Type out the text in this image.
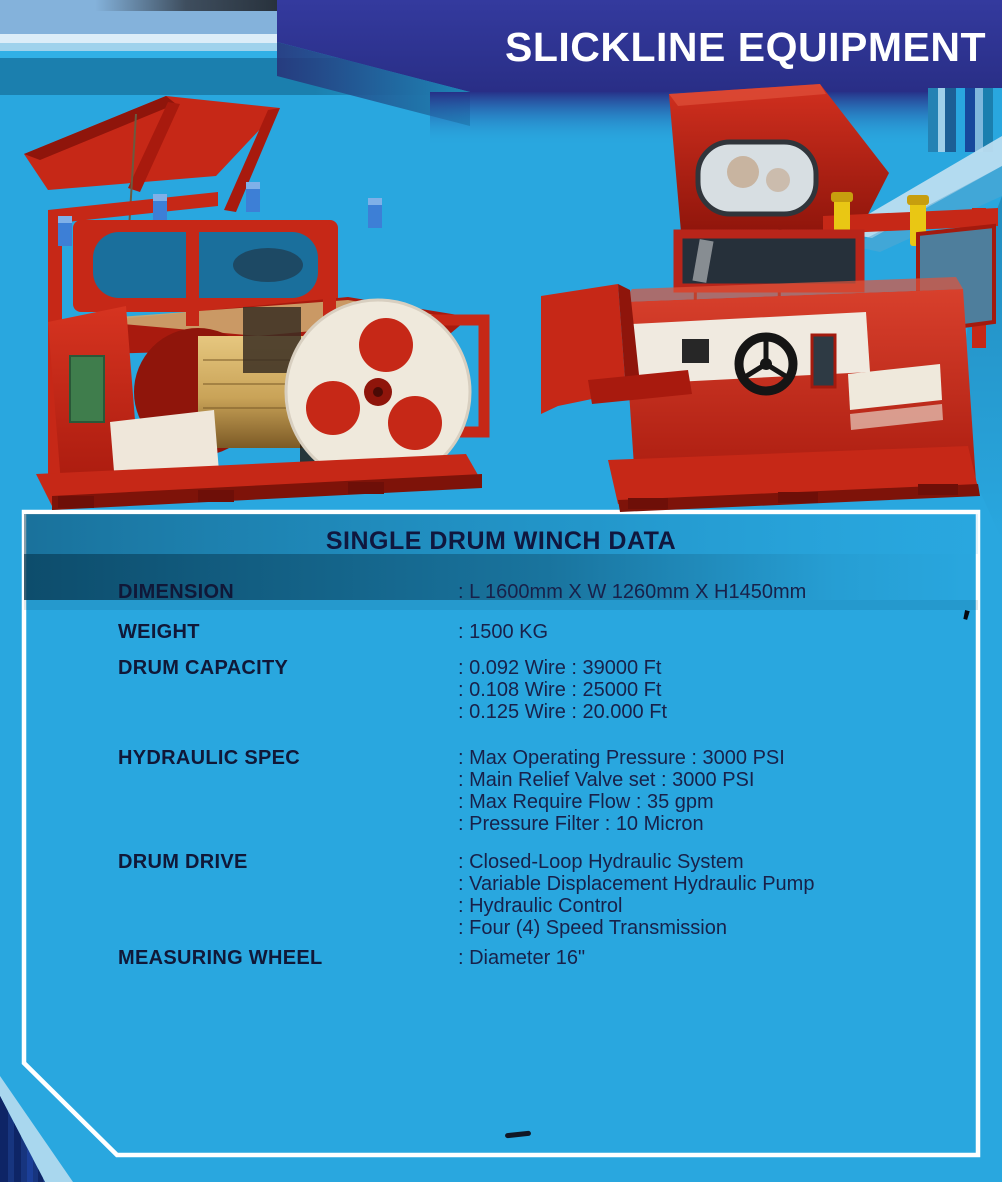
SLICKLINE EQUIPMENT
SINGLE DRUM WINCH DATA
DIMENSION	: L 1600mm X W 1260mm X H1450mm
WEIGHT	: 1500 KG
DRUM CAPACITY	: 0.092 Wire : 39000 Ft
: 0.108 Wire : 25000 Ft
: 0.125 Wire : 20.000 Ft
HYDRAULIC SPEC	: Max Operating Pressure : 3000 PSI
: Main Relief Valve set : 3000 PSI
: Max Require Flow : 35 gpm
: Pressure Filter : 10 Micron
DRUM DRIVE	: Closed-Loop Hydraulic System
: Variable Displacement Hydraulic Pump
: Hydraulic Control
: Four (4) Speed Transmission
MEASURING WHEEL	: Diameter 16"
'
